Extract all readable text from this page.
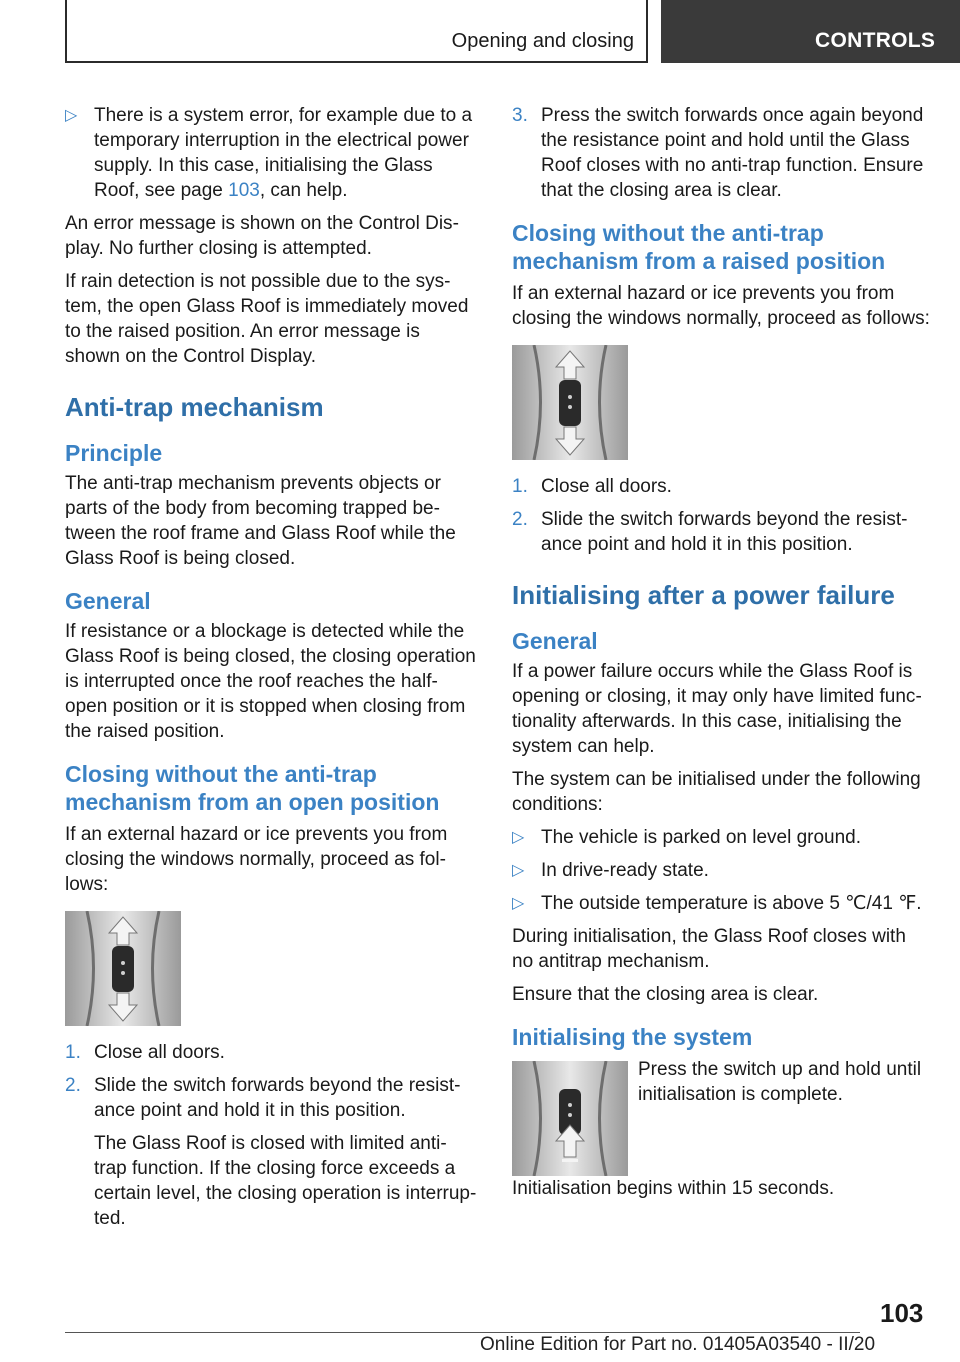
Opening and closing	CONTROLS
▷ There is a system error, for example due to a temporary interruption in the electrical power supply. In this case, initialising the Glass Roof, see page 103, can help.

An error message is shown on the Control Display. No further closing is attempted.

If rain detection is not possible due to the system, the open Glass Roof is immediately moved to the raised position. An error message is shown on the Control Display.

Anti‐trap mechanism
Principle

The anti-trap mechanism prevents objects or parts of the body from becoming trapped between the roof frame and Glass Roof while the Glass Roof is being closed.

General

If resistance or a blockage is detected while the Glass Roof is being closed, the closing operation is interrupted once the roof reaches the half-open position or it is stopped when closing from the raised position.

Closing without the anti‐trap mechanism from an open position

If an external hazard or ice prevents you from closing the windows normally, proceed as follows:

1. Close all doors.
2. Slide the switch forwards beyond the resistance point and hold it in this position.

The Glass Roof is closed with limited anti-trap function. If the closing force exceeds a certain level, the closing operation is interrupted.

3. Press the switch forwards once again beyond the resistance point and hold until the Glass Roof closes with no anti-trap function. Ensure that the closing area is clear.
Closing without the anti‐trap mechanism from a raised position

If an external hazard or ice prevents you from closing the windows normally, proceed as follows:

1. Close all doors.
2. Slide the switch forwards beyond the resistance point and hold it in this position.
Initialising after a power failure
General

If a power failure occurs while the Glass Roof is opening or closing, it may only have limited functionality afterwards. In this case, initialising the system can help.

The system can be initialised under the following conditions:

▷ The vehicle is parked on level ground.
▷ In drive-ready state.
▷ The outside temperature is above 5 ℃/41 ℉.

During initialisation, the Glass Roof closes with no antitrap mechanism.

Ensure that the closing area is clear.

Initialising the system

Press the switch up and hold until initialisation is complete.

Initialisation begins within 15 seconds.

103
Online Edition for Part no. 01405A03540 - II/20
